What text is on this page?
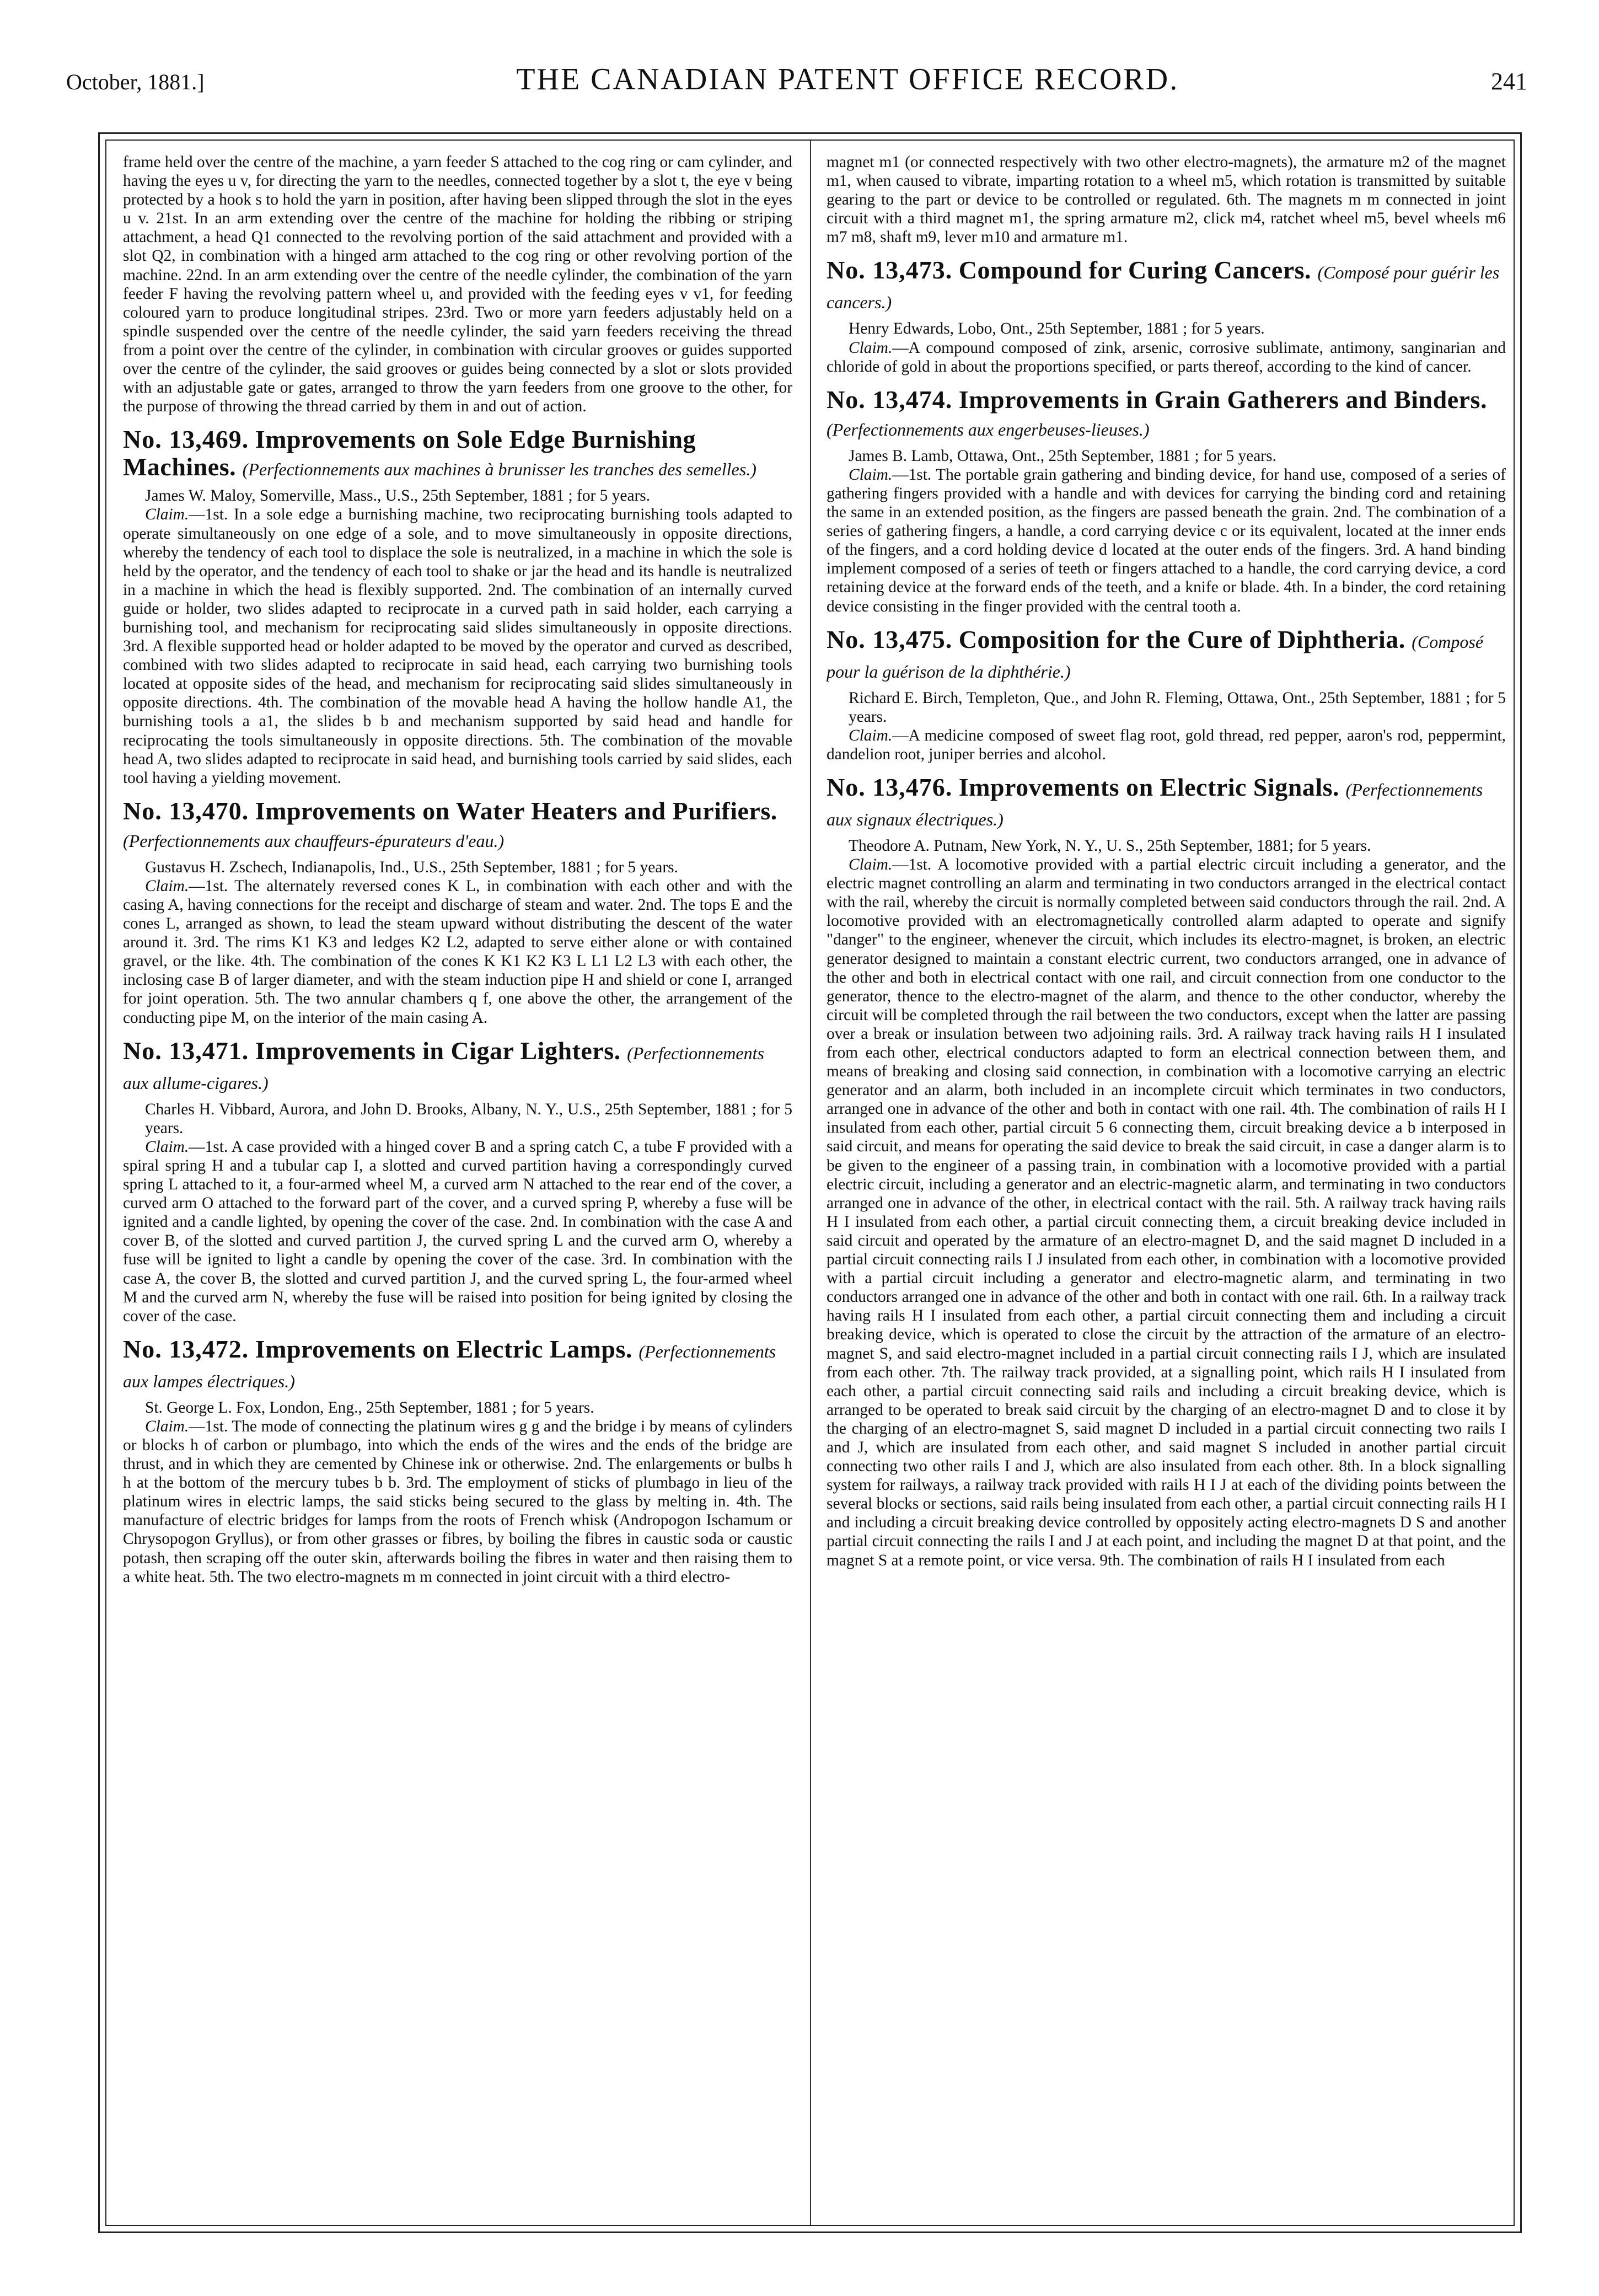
October, 1881.]	THE CANADIAN PATENT OFFICE RECORD.	241

frame held over the centre of the machine, a yarn feeder S attached to the cog ring or cam cylinder, and having the eyes u v, for directing the yarn to the needles, connected together by a slot t, the eye v being protected by a hook s to hold the yarn in position, after having been slipped through the slot in the eyes u v. 21st. In an arm extending over the centre of the machine for holding the ribbing or striping attachment, a head Q1 connected to the revolving portion of the said attachment and provided with a slot Q2, in combination with a hinged arm attached to the cog ring or other revolving portion of the machine. 22nd. In an arm extending over the centre of the needle cylinder, the combination of the yarn feeder F having the revolving pattern wheel u, and provided with the feeding eyes v v1, for feeding coloured yarn to produce longitudinal stripes. 23rd. Two or more yarn feeders adjustably held on a spindle suspended over the centre of the needle cylinder, the said yarn feeders receiving the thread from a point over the centre of the cylinder, in combination with circular grooves or guides supported over the centre of the cylinder, the said grooves or guides being connected by a slot or slots provided with an adjustable gate or gates, arranged to throw the yarn feeders from one groove to the other, for the purpose of throwing the thread carried by them in and out of action.

No. 13,469. Improvements on Sole Edge Burnishing Machines. (Perfectionnements aux machines à brunisser les tranches des semelles.)

James W. Maloy, Somerville, Mass., U.S., 25th September, 1881 ; for 5 years.

Claim.—1st. In a sole edge a burnishing machine, two reciprocating burnishing tools adapted to operate simultaneously on one edge of a sole, and to move simultaneously in opposite directions, whereby the tendency of each tool to displace the sole is neutralized, in a machine in which the sole is held by the operator, and the tendency of each tool to shake or jar the head and its handle is neutralized in a machine in which the head is flexibly supported. 2nd. The combination of an internally curved guide or holder, two slides adapted to reciprocate in a curved path in said holder, each carrying a burnishing tool, and mechanism for reciprocating said slides simultaneously in opposite directions. 3rd. A flexible supported head or holder adapted to be moved by the operator and curved as described, combined with two slides adapted to reciprocate in said head, each carrying two burnishing tools located at opposite sides of the head, and mechanism for reciprocating said slides simultaneously in opposite directions. 4th. The combination of the movable head A having the hollow handle A1, the burnishing tools a a1, the slides b b and mechanism supported by said head and handle for reciprocating the tools simultaneously in opposite directions. 5th. The combination of the movable head A, two slides adapted to reciprocate in said head, and burnishing tools carried by said slides, each tool having a yielding movement.

No. 13,470. Improvements on Water Heaters and Purifiers. (Perfectionnements aux chauffeurs-épurateurs d'eau.)

Gustavus H. Zschech, Indianapolis, Ind., U.S., 25th September, 1881 ; for 5 years.

Claim.—1st. The alternately reversed cones K L, in combination with each other and with the casing A, having connections for the receipt and discharge of steam and water. 2nd. The tops E and the cones L, arranged as shown, to lead the steam upward without distributing the descent of the water around it. 3rd. The rims K1 K3 and ledges K2 L2, adapted to serve either alone or with contained gravel, or the like. 4th. The combination of the cones K K1 K2 K3 L L1 L2 L3 with each other, the inclosing case B of larger diameter, and with the steam induction pipe H and shield or cone I, arranged for joint operation. 5th. The two annular chambers q f, one above the other, the arrangement of the conducting pipe M, on the interior of the main casing A.

No. 13,471. Improvements in Cigar Lighters. (Perfectionnements aux allume-cigares.)

Charles H. Vibbard, Aurora, and John D. Brooks, Albany, N. Y., U.S., 25th September, 1881 ; for 5 years.

Claim.—1st. A case provided with a hinged cover B and a spring catch C, a tube F provided with a spiral spring H and a tubular cap I, a slotted and curved partition having a correspondingly curved spring L attached to it, a four-armed wheel M, a curved arm N attached to the rear end of the cover, a curved arm O attached to the forward part of the cover, and a curved spring P, whereby a fuse will be ignited and a candle lighted, by opening the cover of the case. 2nd. In combination with the case A and cover B, of the slotted and curved partition J, the curved spring L and the curved arm O, whereby a fuse will be ignited to light a candle by opening the cover of the case. 3rd. In combination with the case A, the cover B, the slotted and curved partition J, and the curved spring L, the four-armed wheel M and the curved arm N, whereby the fuse will be raised into position for being ignited by closing the cover of the case.

No. 13,472. Improvements on Electric Lamps. (Perfectionnements aux lampes électriques.)

St. George L. Fox, London, Eng., 25th September, 1881 ; for 5 years.

Claim.—1st. The mode of connecting the platinum wires g g and the bridge i by means of cylinders or blocks h of carbon or plumbago, into which the ends of the wires and the ends of the bridge are thrust, and in which they are cemented by Chinese ink or otherwise. 2nd. The enlargements or bulbs h h at the bottom of the mercury tubes b b. 3rd. The employment of sticks of plumbago in lieu of the platinum wires in electric lamps, the said sticks being secured to the glass by melting in. 4th. The manufacture of electric bridges for lamps from the roots of French whisk (Andropogon Ischamum or Chrysopogon Gryllus), or from other grasses or fibres, by boiling the fibres in caustic soda or caustic potash, then scraping off the outer skin, afterwards boiling the fibres in water and then raising them to a white heat. 5th. The two electro-magnets m m connected in joint circuit with a third electro-

magnet m1 (or connected respectively with two other electro-magnets), the armature m2 of the magnet m1, when caused to vibrate, imparting rotation to a wheel m5, which rotation is transmitted by suitable gearing to the part or device to be controlled or regulated. 6th. The magnets m m connected in joint circuit with a third magnet m1, the spring armature m2, click m4, ratchet wheel m5, bevel wheels m6 m7 m8, shaft m9, lever m10 and armature m1.

No. 13,473. Compound for Curing Cancers. (Composé pour guérir les cancers.)

Henry Edwards, Lobo, Ont., 25th September, 1881 ; for 5 years.

Claim.—A compound composed of zink, arsenic, corrosive sublimate, antimony, sanginarian and chloride of gold in about the proportions specified, or parts thereof, according to the kind of cancer.

No. 13,474. Improvements in Grain Gatherers and Binders. (Perfectionnements aux engerbeuses-lieuses.)

James B. Lamb, Ottawa, Ont., 25th September, 1881 ; for 5 years.

Claim.—1st. The portable grain gathering and binding device, for hand use, composed of a series of gathering fingers provided with a handle and with devices for carrying the binding cord and retaining the same in an extended position, as the fingers are passed beneath the grain. 2nd. The combination of a series of gathering fingers, a handle, a cord carrying device c or its equivalent, located at the inner ends of the fingers, and a cord holding device d located at the outer ends of the fingers. 3rd. A hand binding implement composed of a series of teeth or fingers attached to a handle, the cord carrying device, a cord retaining device at the forward ends of the teeth, and a knife or blade. 4th. In a binder, the cord retaining device consisting in the finger provided with the central tooth a.

No. 13,475. Composition for the Cure of Diphtheria. (Composé pour la guérison de la diphthérie.)

Richard E. Birch, Templeton, Que., and John R. Fleming, Ottawa, Ont., 25th September, 1881 ; for 5 years.

Claim.—A medicine composed of sweet flag root, gold thread, red pepper, aaron's rod, peppermint, dandelion root, juniper berries and alcohol.

No. 13,476. Improvements on Electric Signals. (Perfectionnements aux signaux électriques.)

Theodore A. Putnam, New York, N. Y., U. S., 25th September, 1881; for 5 years.

Claim.—1st. A locomotive provided with a partial electric circuit including a generator, and the electric magnet controlling an alarm and terminating in two conductors arranged in the electrical contact with the rail, whereby the circuit is normally completed between said conductors through the rail. 2nd. A locomotive provided with an electromagnetically controlled alarm adapted to operate and signify "danger" to the engineer, whenever the circuit, which includes its electro-magnet, is broken, an electric generator designed to maintain a constant electric current, two conductors arranged, one in advance of the other and both in electrical contact with one rail, and circuit connection from one conductor to the generator, thence to the electro-magnet of the alarm, and thence to the other conductor, whereby the circuit will be completed through the rail between the two conductors, except when the latter are passing over a break or insulation between two adjoining rails. 3rd. A railway track having rails H I insulated from each other, electrical conductors adapted to form an electrical connection between them, and means of breaking and closing said connection, in combination with a locomotive carrying an electric generator and an alarm, both included in an incomplete circuit which terminates in two conductors, arranged one in advance of the other and both in contact with one rail. 4th. The combination of rails H I insulated from each other, partial circuit 5 6 connecting them, circuit breaking device a b interposed in said circuit, and means for operating the said device to break the said circuit, in case a danger alarm is to be given to the engineer of a passing train, in combination with a locomotive provided with a partial electric circuit, including a generator and an electric-magnetic alarm, and terminating in two conductors arranged one in advance of the other, in electrical contact with the rail. 5th. A railway track having rails H I insulated from each other, a partial circuit connecting them, a circuit breaking device included in said circuit and operated by the armature of an electro-magnet D, and the said magnet D included in a partial circuit connecting rails I J insulated from each other, in combination with a locomotive provided with a partial circuit including a generator and electro-magnetic alarm, and terminating in two conductors arranged one in advance of the other and both in contact with one rail. 6th. In a railway track having rails H I insulated from each other, a partial circuit connecting them and including a circuit breaking device, which is operated to close the circuit by the attraction of the armature of an electro-magnet S, and said electro-magnet included in a partial circuit connecting rails I J, which are insulated from each other. 7th. The railway track provided, at a signalling point, which rails H I insulated from each other, a partial circuit connecting said rails and including a circuit breaking device, which is arranged to be operated to break said circuit by the charging of an electro-magnet D and to close it by the charging of an electro-magnet S, said magnet D included in a partial circuit connecting two rails I and J, which are insulated from each other, and said magnet S included in another partial circuit connecting two other rails I and J, which are also insulated from each other. 8th. In a block signalling system for railways, a railway track provided with rails H I J at each of the dividing points between the several blocks or sections, said rails being insulated from each other, a partial circuit connecting rails H I and including a circuit breaking device controlled by oppositely acting electro-magnets D S and another partial circuit connecting the rails I and J at each point, and including the magnet D at that point, and the magnet S at a remote point, or vice versa. 9th. The combination of rails H I insulated from each
